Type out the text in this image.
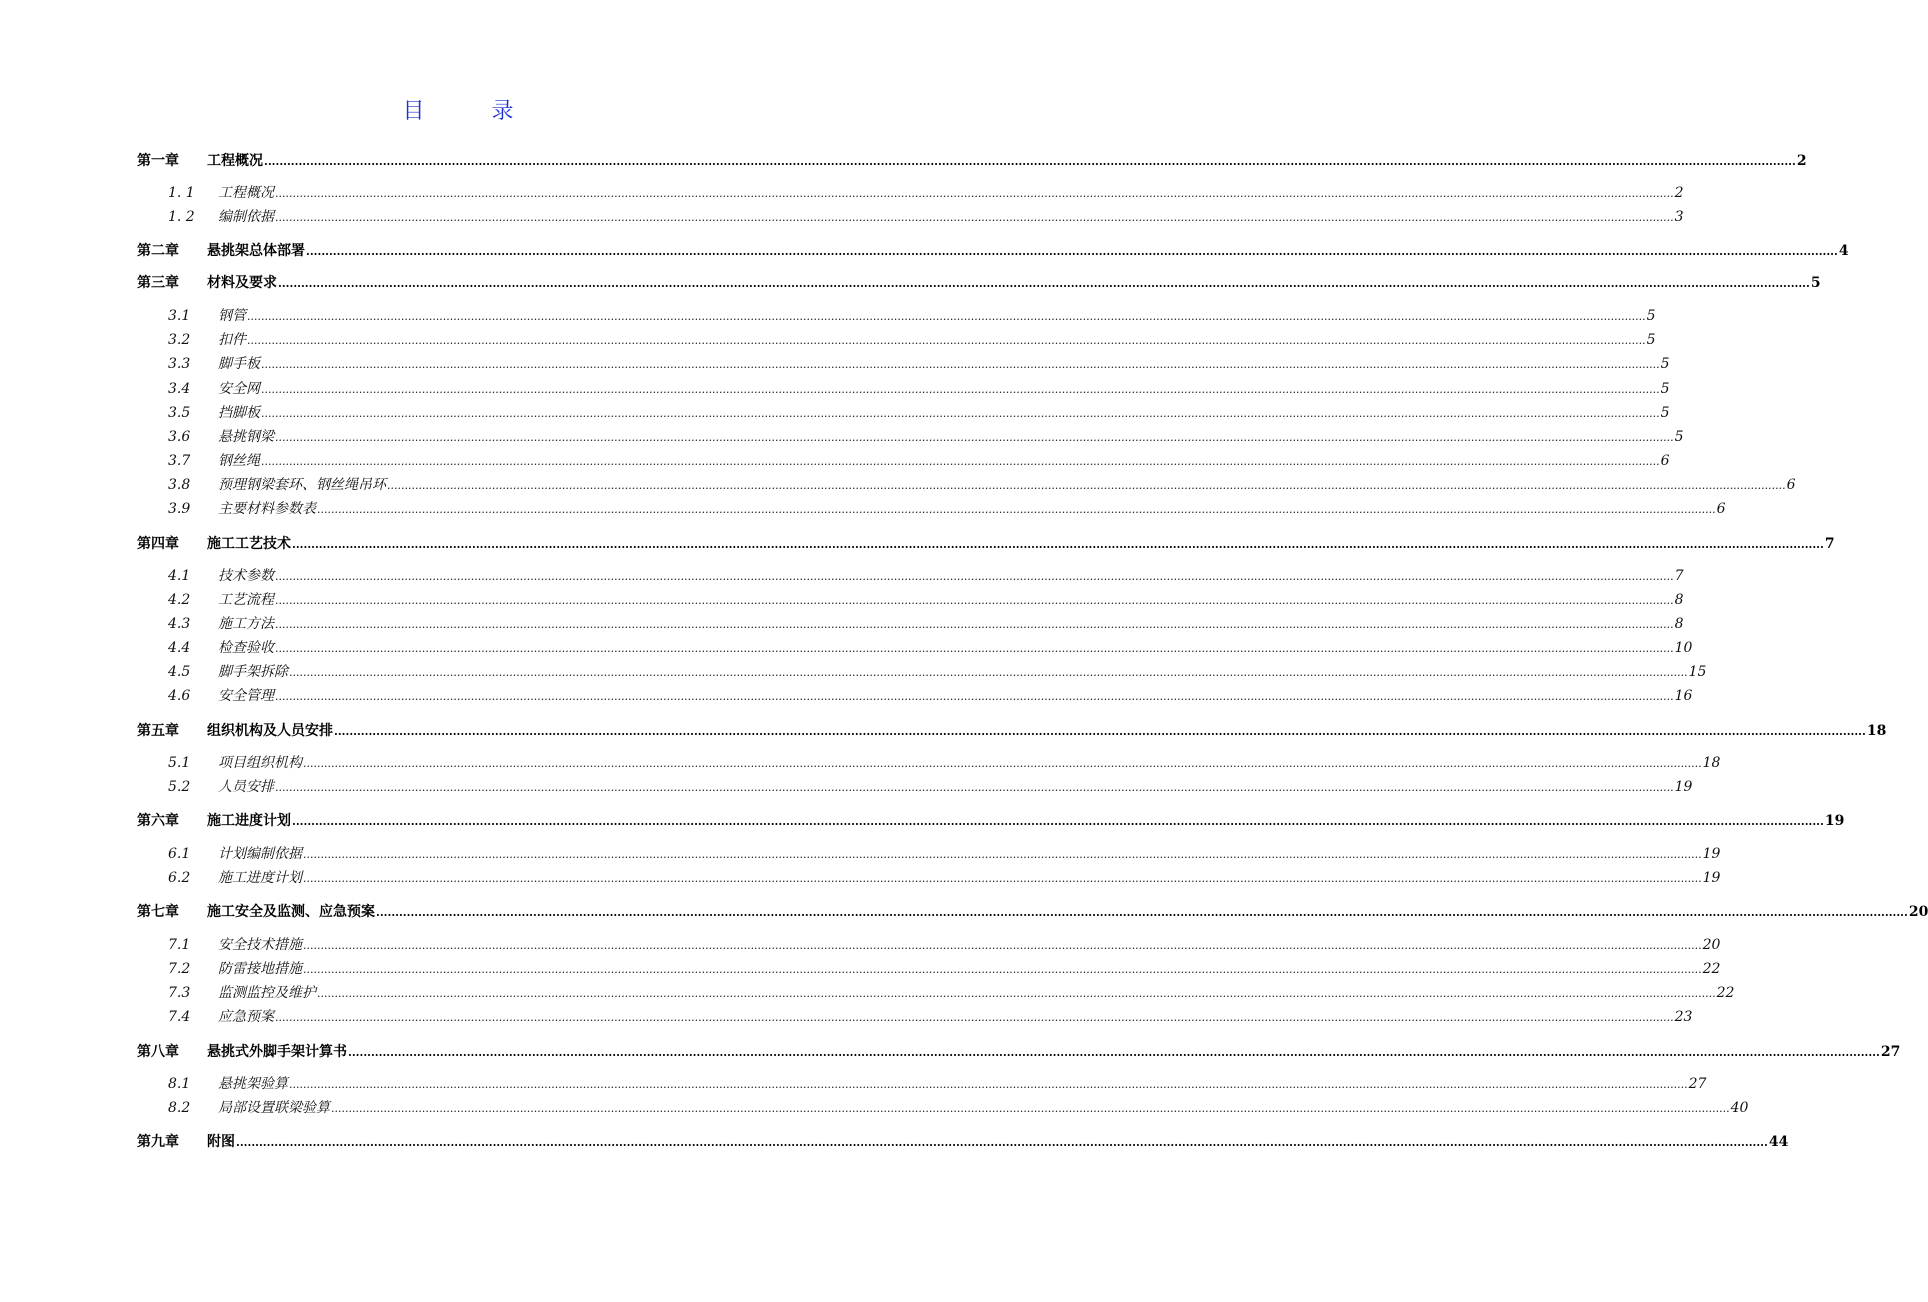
目 录
第一章	工程概况 ................................................................................................................................................................................................................................................................................................................................................................................................................ 2
1. 1	工程概况 ................................................................................................................................................................................................................................................................................................................................................................................................................ 2
1. 2	编制依据 ................................................................................................................................................................................................................................................................................................................................................................................................................ 3
第二章	悬挑架总体部署 ................................................................................................................................................................................................................................................................................................................................................................................................................ 4
第三章	材料及要求 ................................................................................................................................................................................................................................................................................................................................................................................................................ 5
3.1	钢管 ................................................................................................................................................................................................................................................................................................................................................................................................................ 5
3.2	扣件 ................................................................................................................................................................................................................................................................................................................................................................................................................ 5
3.3	脚手板 ................................................................................................................................................................................................................................................................................................................................................................................................................ 5
3.4	安全网 ................................................................................................................................................................................................................................................................................................................................................................................................................ 5
3.5	挡脚板 ................................................................................................................................................................................................................................................................................................................................................................................................................ 5
3.6	悬挑钢梁 ................................................................................................................................................................................................................................................................................................................................................................................................................ 5
3.7	钢丝绳 ................................................................................................................................................................................................................................................................................................................................................................................................................ 6
3.8	预理钢梁套环、钢丝绳吊环 ................................................................................................................................................................................................................................................................................................................................................................................................................ 6
3.9	主要材料参数表 ................................................................................................................................................................................................................................................................................................................................................................................................................ 6
第四章	施工工艺技术 ................................................................................................................................................................................................................................................................................................................................................................................................................ 7
4.1	技术参数 ................................................................................................................................................................................................................................................................................................................................................................................................................ 7
4.2	工艺流程 ................................................................................................................................................................................................................................................................................................................................................................................................................ 8
4.3	施工方法 ................................................................................................................................................................................................................................................................................................................................................................................................................ 8
4.4	检查验收 ................................................................................................................................................................................................................................................................................................................................................................................................................ 10
4.5	脚手架拆除 ................................................................................................................................................................................................................................................................................................................................................................................................................ 15
4.6	安全管理 ................................................................................................................................................................................................................................................................................................................................................................................................................ 16
第五章	组织机构及人员安排 ................................................................................................................................................................................................................................................................................................................................................................................................................ 18
5.1	项目组织机构 ................................................................................................................................................................................................................................................................................................................................................................................................................ 18
5.2	人员安排 ................................................................................................................................................................................................................................................................................................................................................................................................................ 19
第六章	施工进度计划 ................................................................................................................................................................................................................................................................................................................................................................................................................ 19
6.1	计划编制依据 ................................................................................................................................................................................................................................................................................................................................................................................................................ 19
6.2	施工进度计划 ................................................................................................................................................................................................................................................................................................................................................................................................................ 19
第七章	施工安全及监测、应急预案 ................................................................................................................................................................................................................................................................................................................................................................................................................ 20
7.1	安全技术措施 ................................................................................................................................................................................................................................................................................................................................................................................................................ 20
7.2	防雷接地措施 ................................................................................................................................................................................................................................................................................................................................................................................................................ 22
7.3	监测监控及维护 ................................................................................................................................................................................................................................................................................................................................................................................................................ 22
7.4	应急预案 ................................................................................................................................................................................................................................................................................................................................................................................................................ 23
第八章	悬挑式外脚手架计算书 ................................................................................................................................................................................................................................................................................................................................................................................................................ 27
8.1	悬挑架验算 ................................................................................................................................................................................................................................................................................................................................................................................................................ 27
8.2	局部设置联梁验算 ................................................................................................................................................................................................................................................................................................................................................................................................................ 40
第九章	附图 ................................................................................................................................................................................................................................................................................................................................................................................................................ 44
